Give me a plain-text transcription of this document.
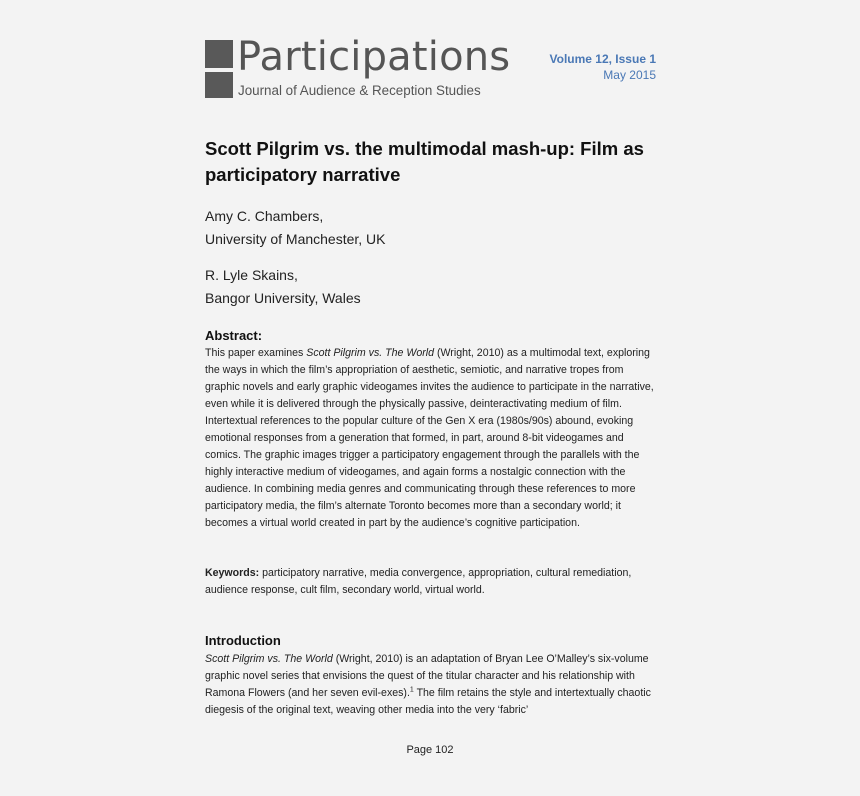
Participations
Journal of Audience & Reception Studies
Volume 12, Issue 1
May 2015
Scott Pilgrim vs. the multimodal mash-up: Film as participatory narrative
Amy C. Chambers,
University of Manchester, UK
R. Lyle Skains,
Bangor University, Wales
Abstract:
This paper examines Scott Pilgrim vs. The World (Wright, 2010) as a multimodal text, exploring the ways in which the film’s appropriation of aesthetic, semiotic, and narrative tropes from graphic novels and early graphic videogames invites the audience to participate in the narrative, even while it is delivered through the physically passive, deinteractivating medium of film. Intertextual references to the popular culture of the Gen X era (1980s/90s) abound, evoking emotional responses from a generation that formed, in part, around 8-bit videogames and comics. The graphic images trigger a participatory engagement through the parallels with the highly interactive medium of videogames, and again forms a nostalgic connection with the audience. In combining media genres and communicating through these references to more participatory media, the film’s alternate Toronto becomes more than a secondary world; it becomes a virtual world created in part by the audience’s cognitive participation.
Keywords: participatory narrative, media convergence, appropriation, cultural remediation, audience response, cult film, secondary world, virtual world.
Introduction
Scott Pilgrim vs. The World (Wright, 2010) is an adaptation of Bryan Lee O’Malley’s six-volume graphic novel series that envisions the quest of the titular character and his relationship with Ramona Flowers (and her seven evil-exes).$^1$ The film retains the style and intertextually chaotic diegesis of the original text, weaving other media into the very ‘fabric’
Page 102
